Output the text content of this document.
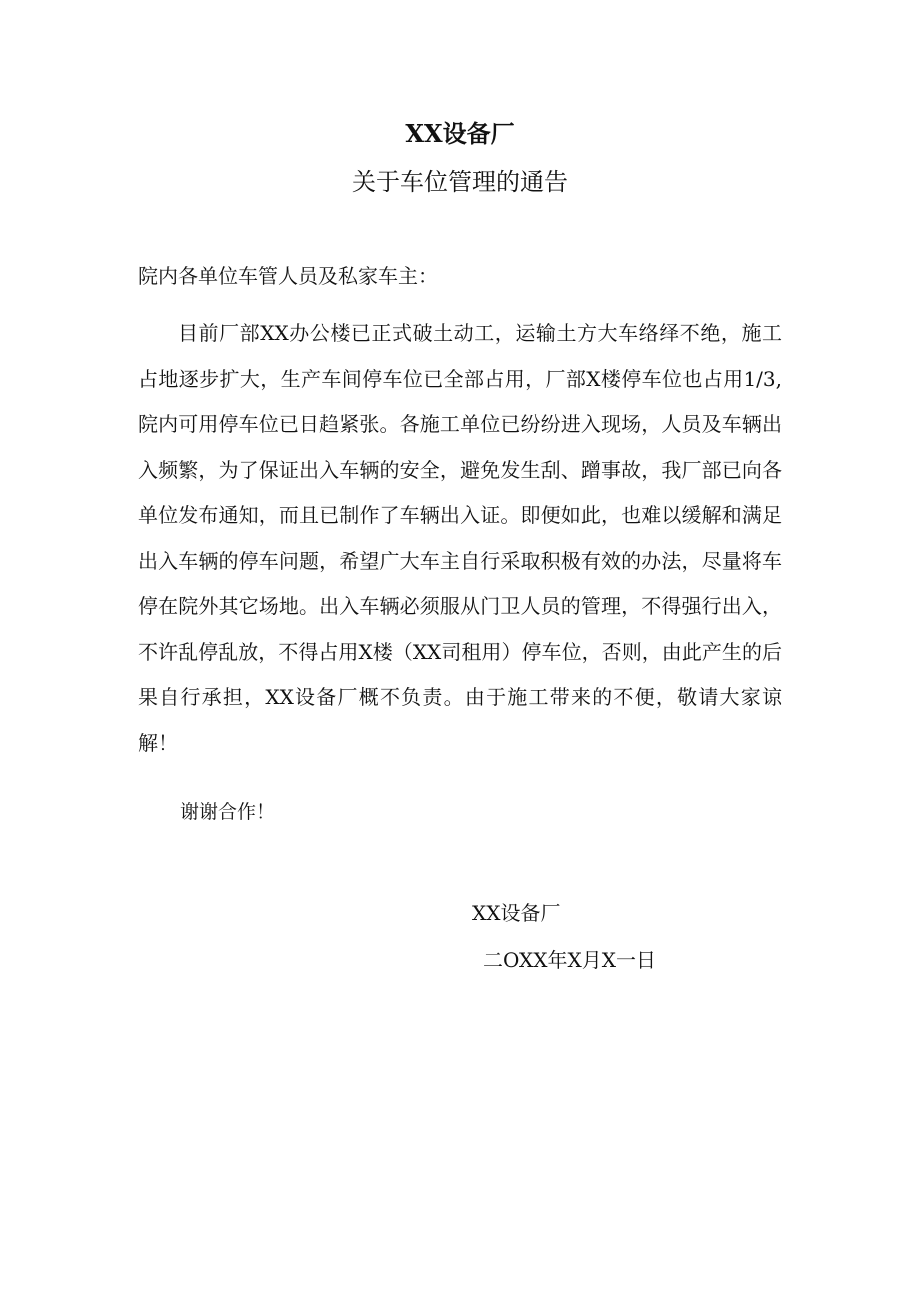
XX设备厂
关于车位管理的通告
院内各单位车管人员及私家车主：

目前厂部XX办公楼已正式破土动工，运输土方大车络绎不绝，施工占地逐步扩大，生产车间停车位已全部占用，厂部X楼停车位也占用1/3,院内可用停车位已日趋紧张。各施工单位已纷纷进入现场，人员及车辆出入频繁，为了保证出入车辆的安全，避免发生刮、蹭事故，我厂部已向各单位发布通知，而且已制作了车辆出入证。即便如此，也难以缓解和满足出入车辆的停车问题，希望广大车主自行采取积极有效的办法，尽量将车停在院外其它场地。出入车辆必须服从门卫人员的管理，不得强行出入，不许乱停乱放，不得占用X楼（XX司租用）停车位，否则，由此产生的后果自行承担，XX设备厂概不负责。由于施工带来的不便，敬请大家谅解！

谢谢合作！
XX设备厂
二OXX年X月X一日
